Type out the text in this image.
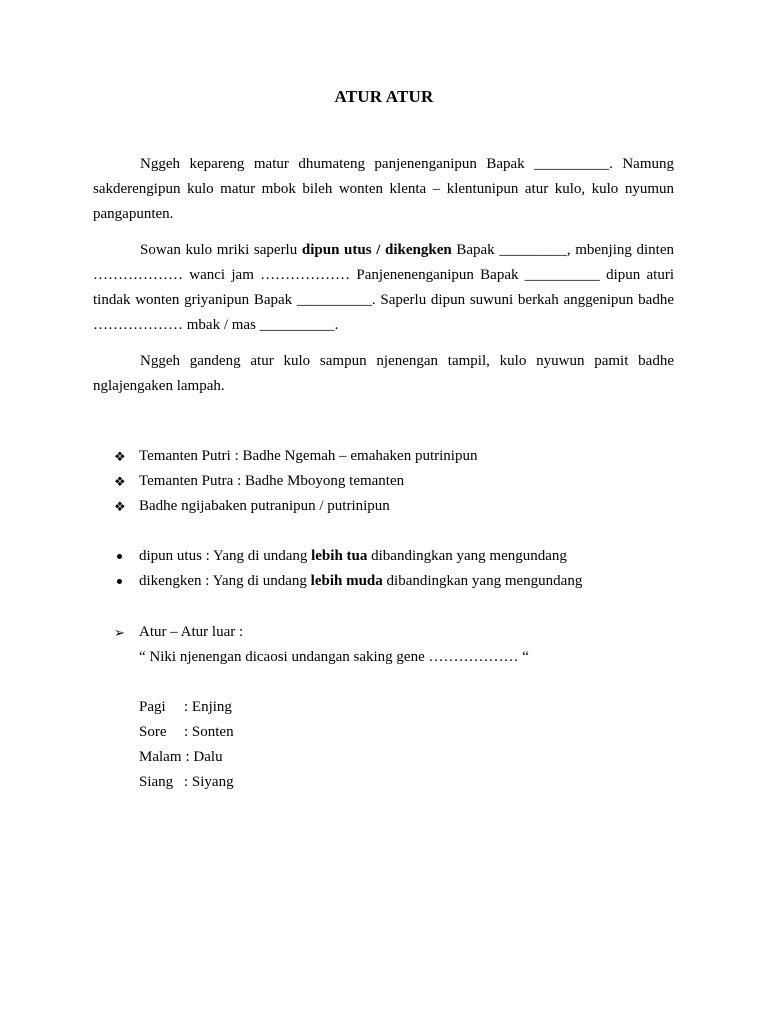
ATUR ATUR

Nggeh kepareng matur dhumateng panjenenganipun Bapak __________. Namung sakderengipun kulo matur mbok bileh wonten klenta – klentunipun atur kulo, kulo nyumun pangapunten.

Sowan kulo mriki saperlu dipun utus / dikengken Bapak _________, mbenjing dinten ……………… wanci jam ……………… Panjenenenganipun Bapak __________ dipun aturi tindak wonten griyanipun Bapak __________. Saperlu dipun suwuni berkah anggenipun badhe ……………… mbak / mas __________.

Nggeh gandeng atur kulo sampun njenengan tampil, kulo nyuwun pamit badhe nglajengaken lampah.

❖ Temanten Putri : Badhe Ngemah – emahaken putrinipun
❖ Temanten Putra : Badhe Mboyong temanten
❖ Badhe ngijabaken putranipun / putrinipun
dipun utus : Yang di undang lebih tua dibandingkan yang mengundang
dikengken : Yang di undang lebih muda dibandingkan yang mengundang
➢ Atur – Atur luar :
“ Niki njenengan dicaosi undangan saking gene ……………… “
Pagi : Enjing
Sore : Sonten
Malam : Dalu
Siang : Siyang
